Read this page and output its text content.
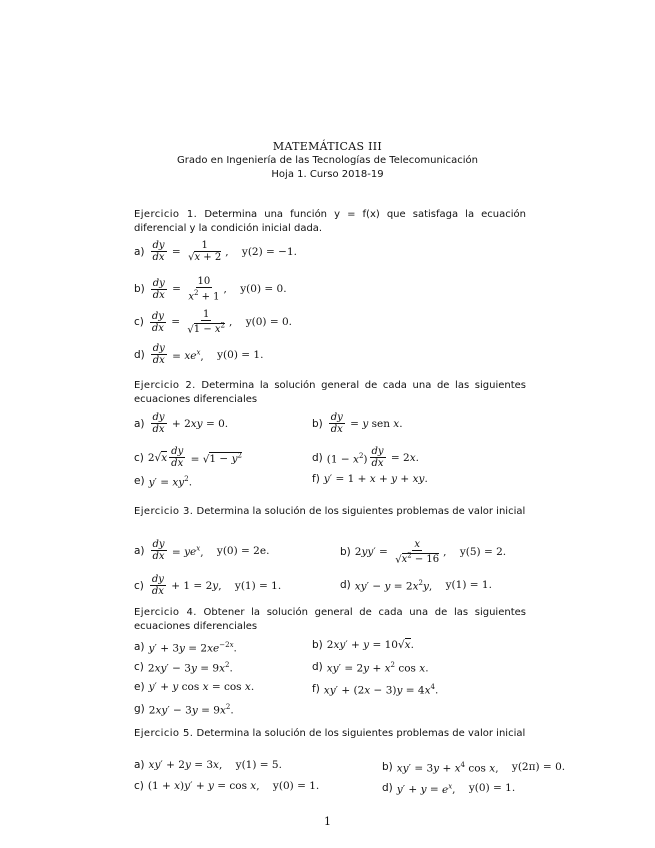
MATEMÁTICAS III
Grado en Ingeniería de las Tecnologías de Telecomunicación
Hoja 1. Curso 2018-19
Ejercicio 1. Determina una función y = f(x) que satisfaga la ecuación diferencial y la condición inicial dada.
$a) \frac{dy}{dx} = \frac{1}{√x + 2}$ , y(2) = −1.
$b) \frac{dy}{dx} = \frac{10}{x^2 + 1}$ , y(0) = 0.
$c) \frac{dy}{dx} = \frac{1}{√1 - x^2}$ , y(0) = 0.
$d) \frac{dy}{dx} = xe^x$, y(0) = 1.
Ejercicio 2. Determina la solución general de cada una de las siguientes ecuaciones diferenciales
$a) \frac{dy}{dx} + 2xy = 0$.	$b) \frac{dy}{dx} = y$ sen x.
c) $2√x \frac{dy}{dx} = √1 - y^2$	d) $(1 - x^2) \frac{dy}{dx} = 2x$.
e) $y' = xy^2$.	f) y′ = 1 + x + y + xy.
Ejercicio 3. Determina la solución de los siguientes problemas de valor inicial
$a) \frac{dy}{dx} = ye^x$, y(0) = 2e.	b) $2yy' = \frac{x}{√x^2 - 16}$ , y(5) = 2.
$c) \frac{dy}{dx} + 1 = 2y$, y(1) = 1.	d) $xy' - y = 2x^2y$, y(1) = 1.
Ejercicio 4. Obtener la solución general de cada una de las siguientes ecuaciones diferenciales
a) $y' + 3y = 2xe^{-2x}$.	b) 2xy′ + y = 10√x.
c) $2xy' - 3y = 9x^2$.	d) $xy' = 2y + x^2$ cos x.
e) y′ + y cos x = cos x.	f) $xy' + (2x - 3)y = 4x^4$.
g) $2xy' - 3y = 9x^2$.
Ejercicio 5. Determina la solución de los siguientes problemas de valor inicial
a) xy′ + 2y = 3x, y(1) = 5.	b) $xy' = 3y + x^4$ cos x, y(2π) = 0.
c) (1 + x)y′ + y = cos x, y(0) = 1.	d) $y' + y = e^x$, y(0) = 1.
1
